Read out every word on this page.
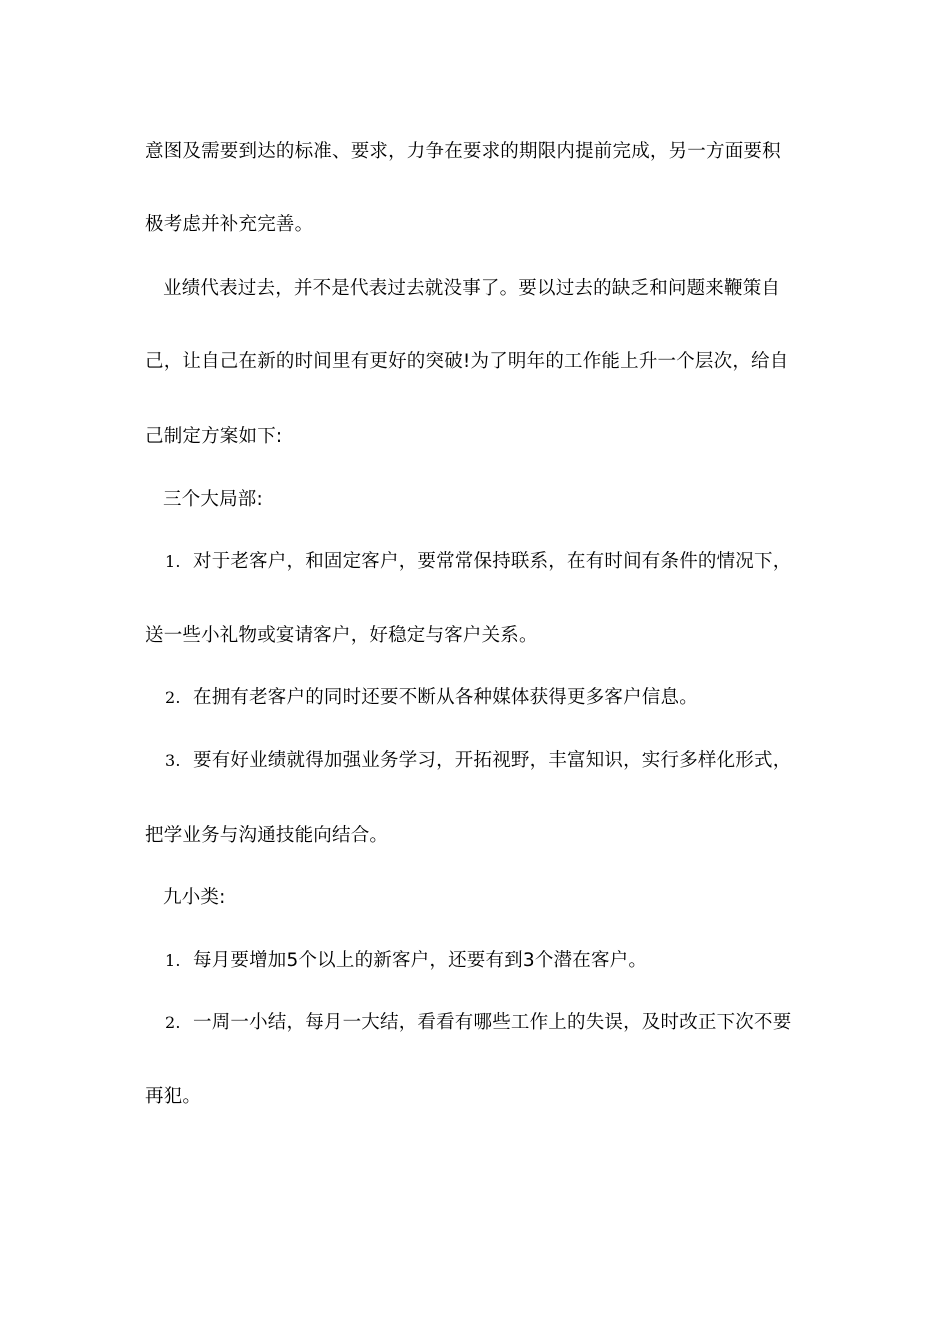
意图及需要到达的标准、要求，力争在要求的期限内提前完成，另一方面要积
极考虑并补充完善。
业绩代表过去，并不是代表过去就没事了。要以过去的缺乏和问题来鞭策自
己，让自己在新的时间里有更好的突破!为了明年的工作能上升一个层次，给自
己制定方案如下:
三个大局部:
1. 对于老客户，和固定客户，要常常保持联系，在有时间有条件的情况下，
送一些小礼物或宴请客户，好稳定与客户关系。
2. 在拥有老客户的同时还要不断从各种媒体获得更多客户信息。
3. 要有好业绩就得加强业务学习，开拓视野，丰富知识，实行多样化形式，
把学业务与沟通技能向结合。
九小类:
1. 每月要增加5个以上的新客户，还要有到3个潜在客户。
2. 一周一小结，每月一大结，看看有哪些工作上的失误，及时改正下次不要
再犯。
